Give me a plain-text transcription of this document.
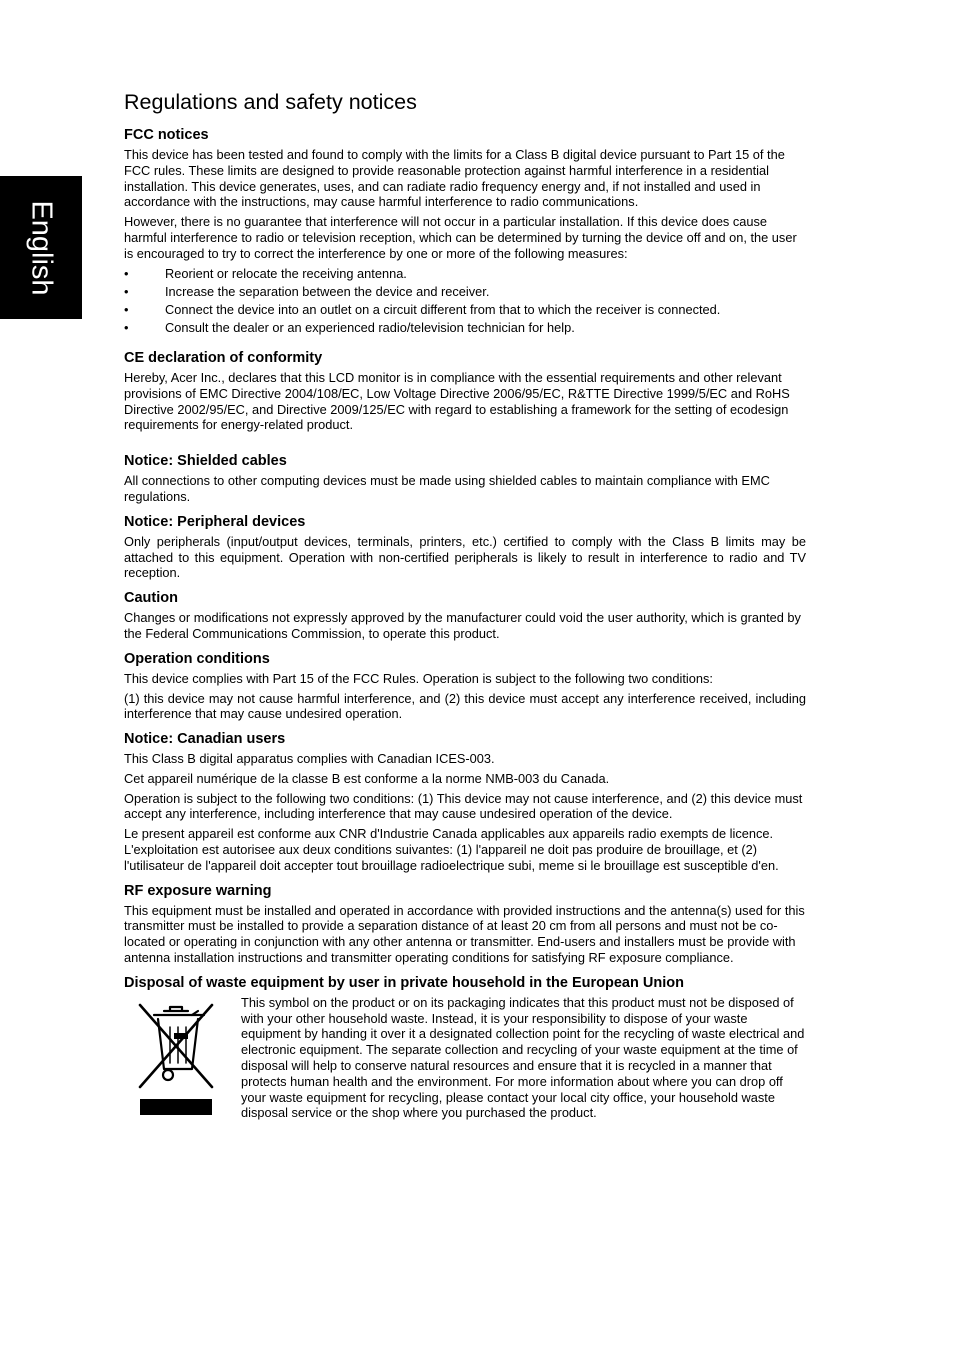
English
Regulations and safety notices
FCC notices

This device has been tested and found to comply with the limits for a Class B digital device pursuant to Part 15 of the FCC rules. These limits are designed to provide reasonable protection against harmful interference in a residential installation. This device generates, uses, and can radiate radio frequency energy and, if not installed and used in accordance with the instructions, may cause harmful interference to radio communications.

However, there is no guarantee that interference will not occur in a particular installation. If this device does cause harmful interference to radio or television reception, which can be determined by turning the device off and on, the user is encouraged to try to correct the interference by one or more of the following measures:

•	Reorient or relocate the receiving antenna.
•	Increase the separation between the device and receiver.
•	Connect the device into an outlet on a circuit different from that to which the receiver is connected.
•	Consult the dealer or an experienced radio/television technician for help.
CE declaration of conformity

Hereby, Acer Inc., declares that this LCD monitor is in compliance with the essential requirements and other relevant provisions of EMC Directive 2004/108/EC, Low Voltage Directive 2006/95/EC, R&TTE Directive 1999/5/EC and RoHS Directive 2002/95/EC, and Directive 2009/125/EC with regard to establishing a framework for the setting of ecodesign requirements for energy-related product.

Notice: Shielded cables

All connections to other computing devices must be made using shielded cables to maintain compliance with EMC regulations.

Notice: Peripheral devices

Only peripherals (input/output devices, terminals, printers, etc.) certified to comply with the Class B limits may be attached to this equipment. Operation with non-certified peripherals is likely to result in interference to radio and TV reception.

Caution

Changes or modifications not expressly approved by the manufacturer could void the user authority, which is granted by the Federal Communications Commission, to operate this product.

Operation conditions

This device complies with Part 15 of the FCC Rules. Operation is subject to the following two conditions:

(1) this device may not cause harmful interference, and (2) this device must accept any interference received, including interference that may cause undesired operation.

Notice: Canadian users

This Class B digital apparatus complies with Canadian ICES-003.

Cet appareil numérique de la classe B est conforme a la norme NMB-003 du Canada.

Operation is subject to the following two conditions: (1) This device may not cause interference, and (2) this device must accept any interference, including interference that may cause undesired operation of the device.

Le present appareil est conforme aux CNR d'Industrie Canada applicables aux appareils radio exempts de licence. L'exploitation est autorisee aux deux conditions suivantes: (1) l'appareil ne doit pas produire de brouillage, et (2) l'utilisateur de l'appareil doit accepter tout brouillage radioelectrique subi, meme si le brouillage est susceptible d'en.

RF exposure warning

This equipment must be installed and operated in accordance with provided instructions and the antenna(s) used for this transmitter must be installed to provide a separation distance of at least 20 cm from all persons and must not be co-located or operating in conjunction with any other antenna or transmitter. End-users and installers must be provide with antenna installation instructions and transmitter operating conditions for satisfying RF exposure compliance.

Disposal of waste equipment by user in private household in the European Union

This symbol on the product or on its packaging indicates that this product must not be disposed of with your other household waste. Instead, it is your responsibility to dispose of your waste equipment by handing it over it a designated collection point for the recycling of waste electrical and electronic equipment. The separate collection and recycling of your waste equipment at the time of disposal will help to conserve natural resources and ensure that it is recycled in a manner that protects human health and the environment. For more information about where you can drop off your waste equipment for recycling, please contact your local city office, your household waste disposal service or the shop where you purchased the product.
